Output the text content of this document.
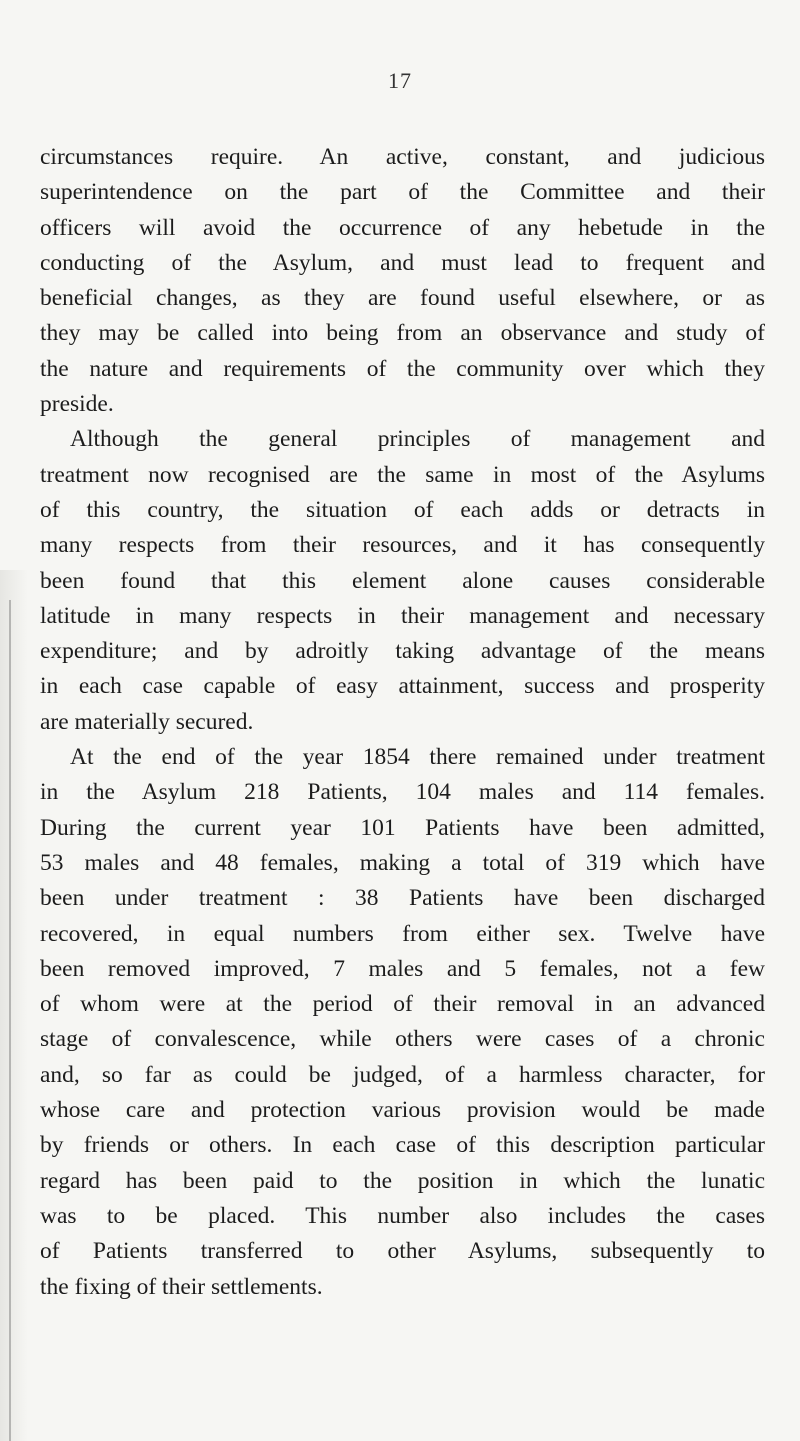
17
circumstances require. An active, constant, and judicious
superintendence on the part of the Committee and their
officers will avoid the occurrence of any hebetude in the
conducting of the Asylum, and must lead to frequent and
beneficial changes, as they are found useful elsewhere, or as
they may be called into being from an observance and study of
the nature and requirements of the community over which they
preside.
Although the general principles of management and
treatment now recognised are the same in most of the Asylums
of this country, the situation of each adds or detracts in
many respects from their resources, and it has consequently
been found that this element alone causes considerable
latitude in many respects in their management and necessary
expenditure; and by adroitly taking advantage of the means
in each case capable of easy attainment, success and prosperity
are materially secured.
At the end of the year 1854 there remained under treatment
in the Asylum 218 Patients, 104 males and 114 females.
During the current year 101 Patients have been admitted,
53 males and 48 females, making a total of 319 which have
been under treatment : 38 Patients have been discharged
recovered, in equal numbers from either sex. Twelve have
been removed improved, 7 males and 5 females, not a few
of whom were at the period of their removal in an advanced
stage of convalescence, while others were cases of a chronic
and, so far as could be judged, of a harmless character, for
whose care and protection various provision would be made
by friends or others. In each case of this description particular
regard has been paid to the position in which the lunatic
was to be placed. This number also includes the cases
of Patients transferred to other Asylums, subsequently to
the fixing of their settlements.
